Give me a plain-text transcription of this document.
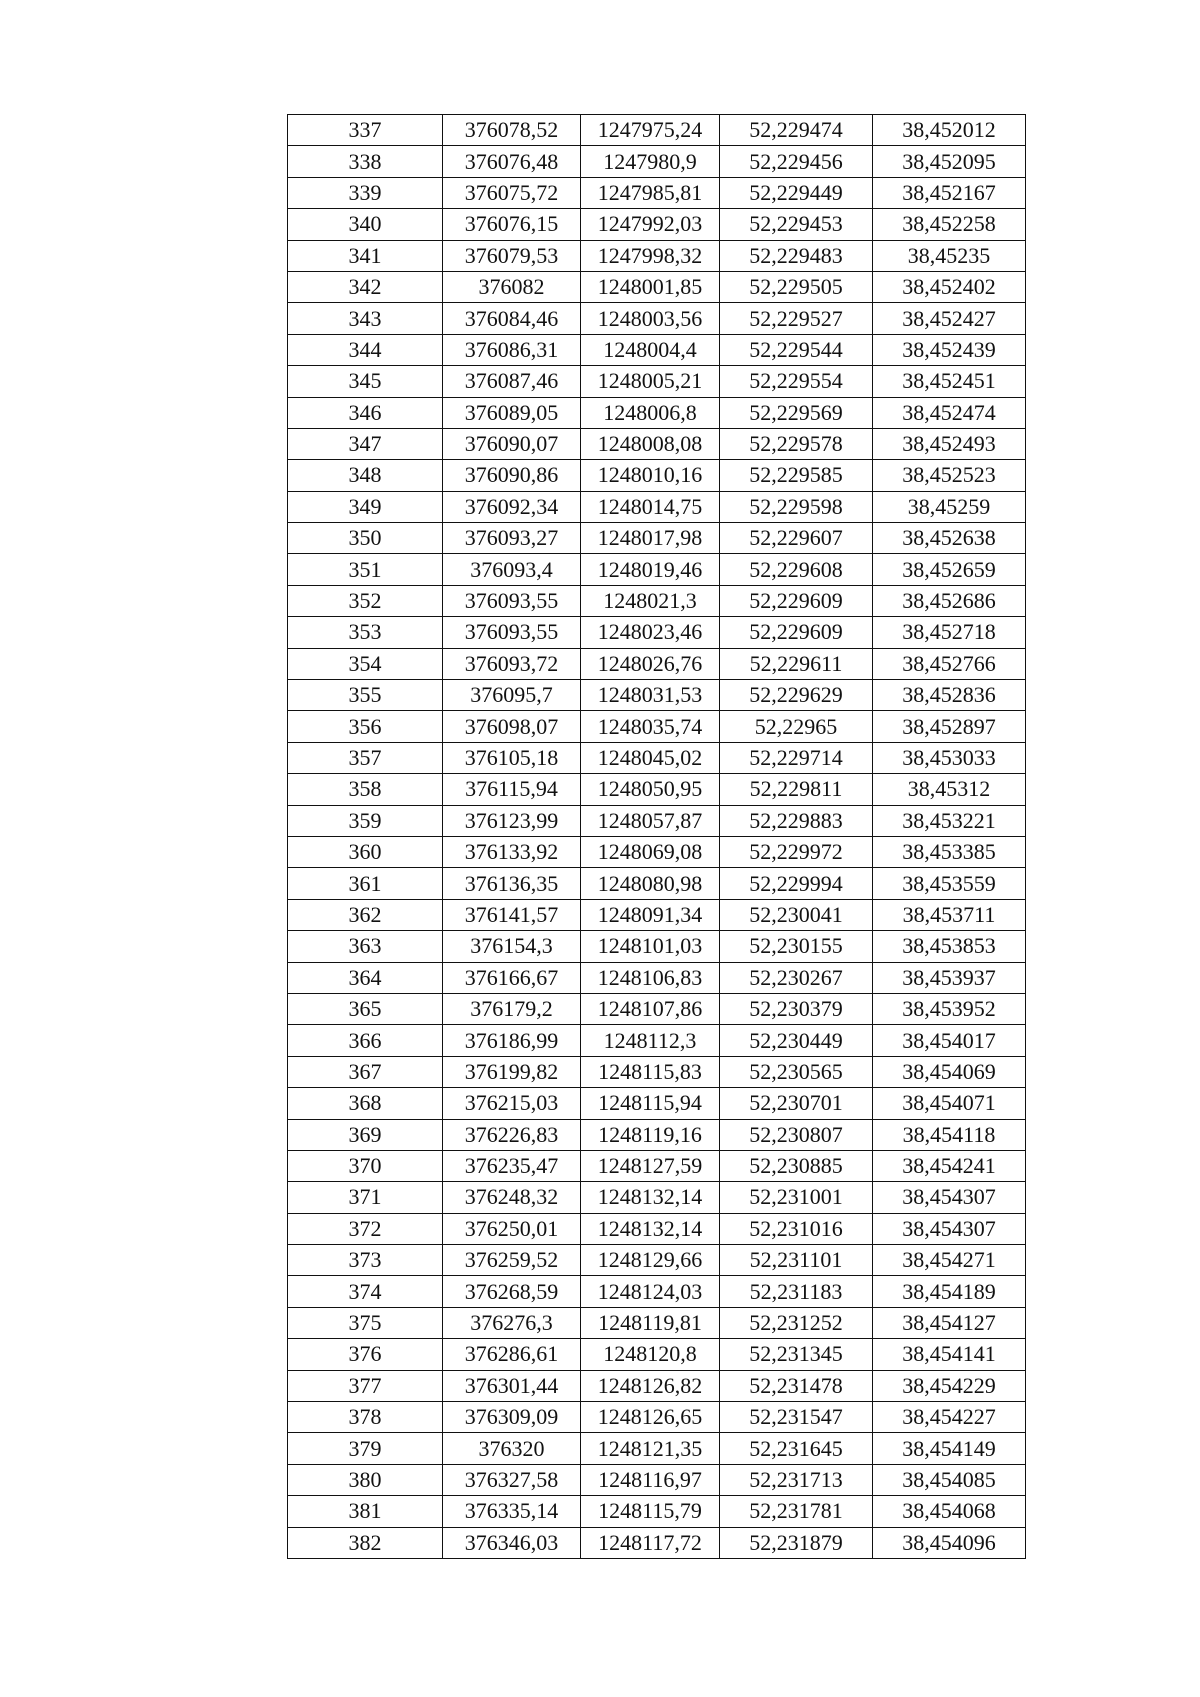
337	376078,52	1247975,24	52,229474	38,452012
338	376076,48	1247980,9	52,229456	38,452095
339	376075,72	1247985,81	52,229449	38,452167
340	376076,15	1247992,03	52,229453	38,452258
341	376079,53	1247998,32	52,229483	38,45235
342	376082	1248001,85	52,229505	38,452402
343	376084,46	1248003,56	52,229527	38,452427
344	376086,31	1248004,4	52,229544	38,452439
345	376087,46	1248005,21	52,229554	38,452451
346	376089,05	1248006,8	52,229569	38,452474
347	376090,07	1248008,08	52,229578	38,452493
348	376090,86	1248010,16	52,229585	38,452523
349	376092,34	1248014,75	52,229598	38,45259
350	376093,27	1248017,98	52,229607	38,452638
351	376093,4	1248019,46	52,229608	38,452659
352	376093,55	1248021,3	52,229609	38,452686
353	376093,55	1248023,46	52,229609	38,452718
354	376093,72	1248026,76	52,229611	38,452766
355	376095,7	1248031,53	52,229629	38,452836
356	376098,07	1248035,74	52,22965	38,452897
357	376105,18	1248045,02	52,229714	38,453033
358	376115,94	1248050,95	52,229811	38,45312
359	376123,99	1248057,87	52,229883	38,453221
360	376133,92	1248069,08	52,229972	38,453385
361	376136,35	1248080,98	52,229994	38,453559
362	376141,57	1248091,34	52,230041	38,453711
363	376154,3	1248101,03	52,230155	38,453853
364	376166,67	1248106,83	52,230267	38,453937
365	376179,2	1248107,86	52,230379	38,453952
366	376186,99	1248112,3	52,230449	38,454017
367	376199,82	1248115,83	52,230565	38,454069
368	376215,03	1248115,94	52,230701	38,454071
369	376226,83	1248119,16	52,230807	38,454118
370	376235,47	1248127,59	52,230885	38,454241
371	376248,32	1248132,14	52,231001	38,454307
372	376250,01	1248132,14	52,231016	38,454307
373	376259,52	1248129,66	52,231101	38,454271
374	376268,59	1248124,03	52,231183	38,454189
375	376276,3	1248119,81	52,231252	38,454127
376	376286,61	1248120,8	52,231345	38,454141
377	376301,44	1248126,82	52,231478	38,454229
378	376309,09	1248126,65	52,231547	38,454227
379	376320	1248121,35	52,231645	38,454149
380	376327,58	1248116,97	52,231713	38,454085
381	376335,14	1248115,79	52,231781	38,454068
382	376346,03	1248117,72	52,231879	38,454096
